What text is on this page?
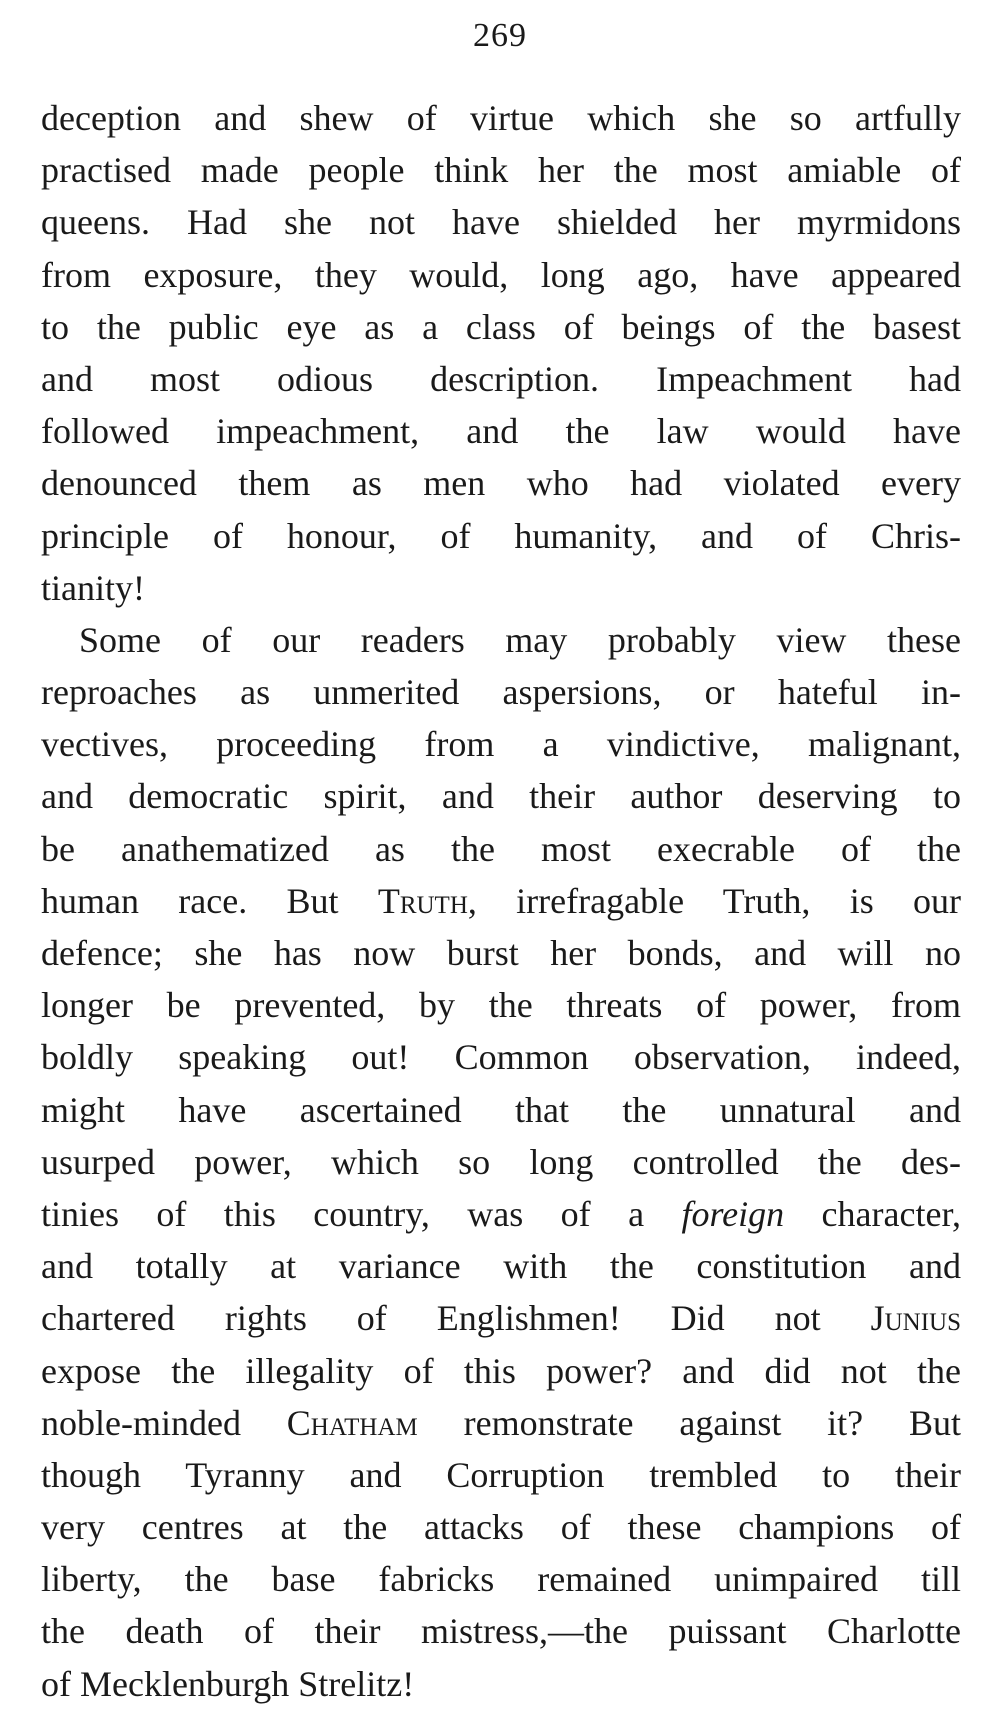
269
deception and shew of virtue which she so artfully
practised made people think her the most amiable of
queens. Had she not have shielded her myrmidons
from exposure, they would, long ago, have appeared
to the public eye as a class of beings of the basest
and most odious description. Impeachment had
followed impeachment, and the law would have
denounced them as men who had violated every
principle of honour, of humanity, and of Chris-
tianity!
Some of our readers may probably view these
reproaches as unmerited aspersions, or hateful in-
vectives, proceeding from a vindictive, malignant,
and democratic spirit, and their author deserving to
be anathematized as the most execrable of the
human race. But Truth, irrefragable Truth, is our
defence; she has now burst her bonds, and will no
longer be prevented, by the threats of power, from
boldly speaking out! Common observation, indeed,
might have ascertained that the unnatural and
usurped power, which so long controlled the des-
tinies of this country, was of a foreign character,
and totally at variance with the constitution and
chartered rights of Englishmen! Did not Junius
expose the illegality of this power? and did not the
noble-minded Chatham remonstrate against it? But
though Tyranny and Corruption trembled to their
very centres at the attacks of these champions of
liberty, the base fabricks remained unimpaired till
the death of their mistress,—the puissant Charlotte
of Mecklenburgh Strelitz!
